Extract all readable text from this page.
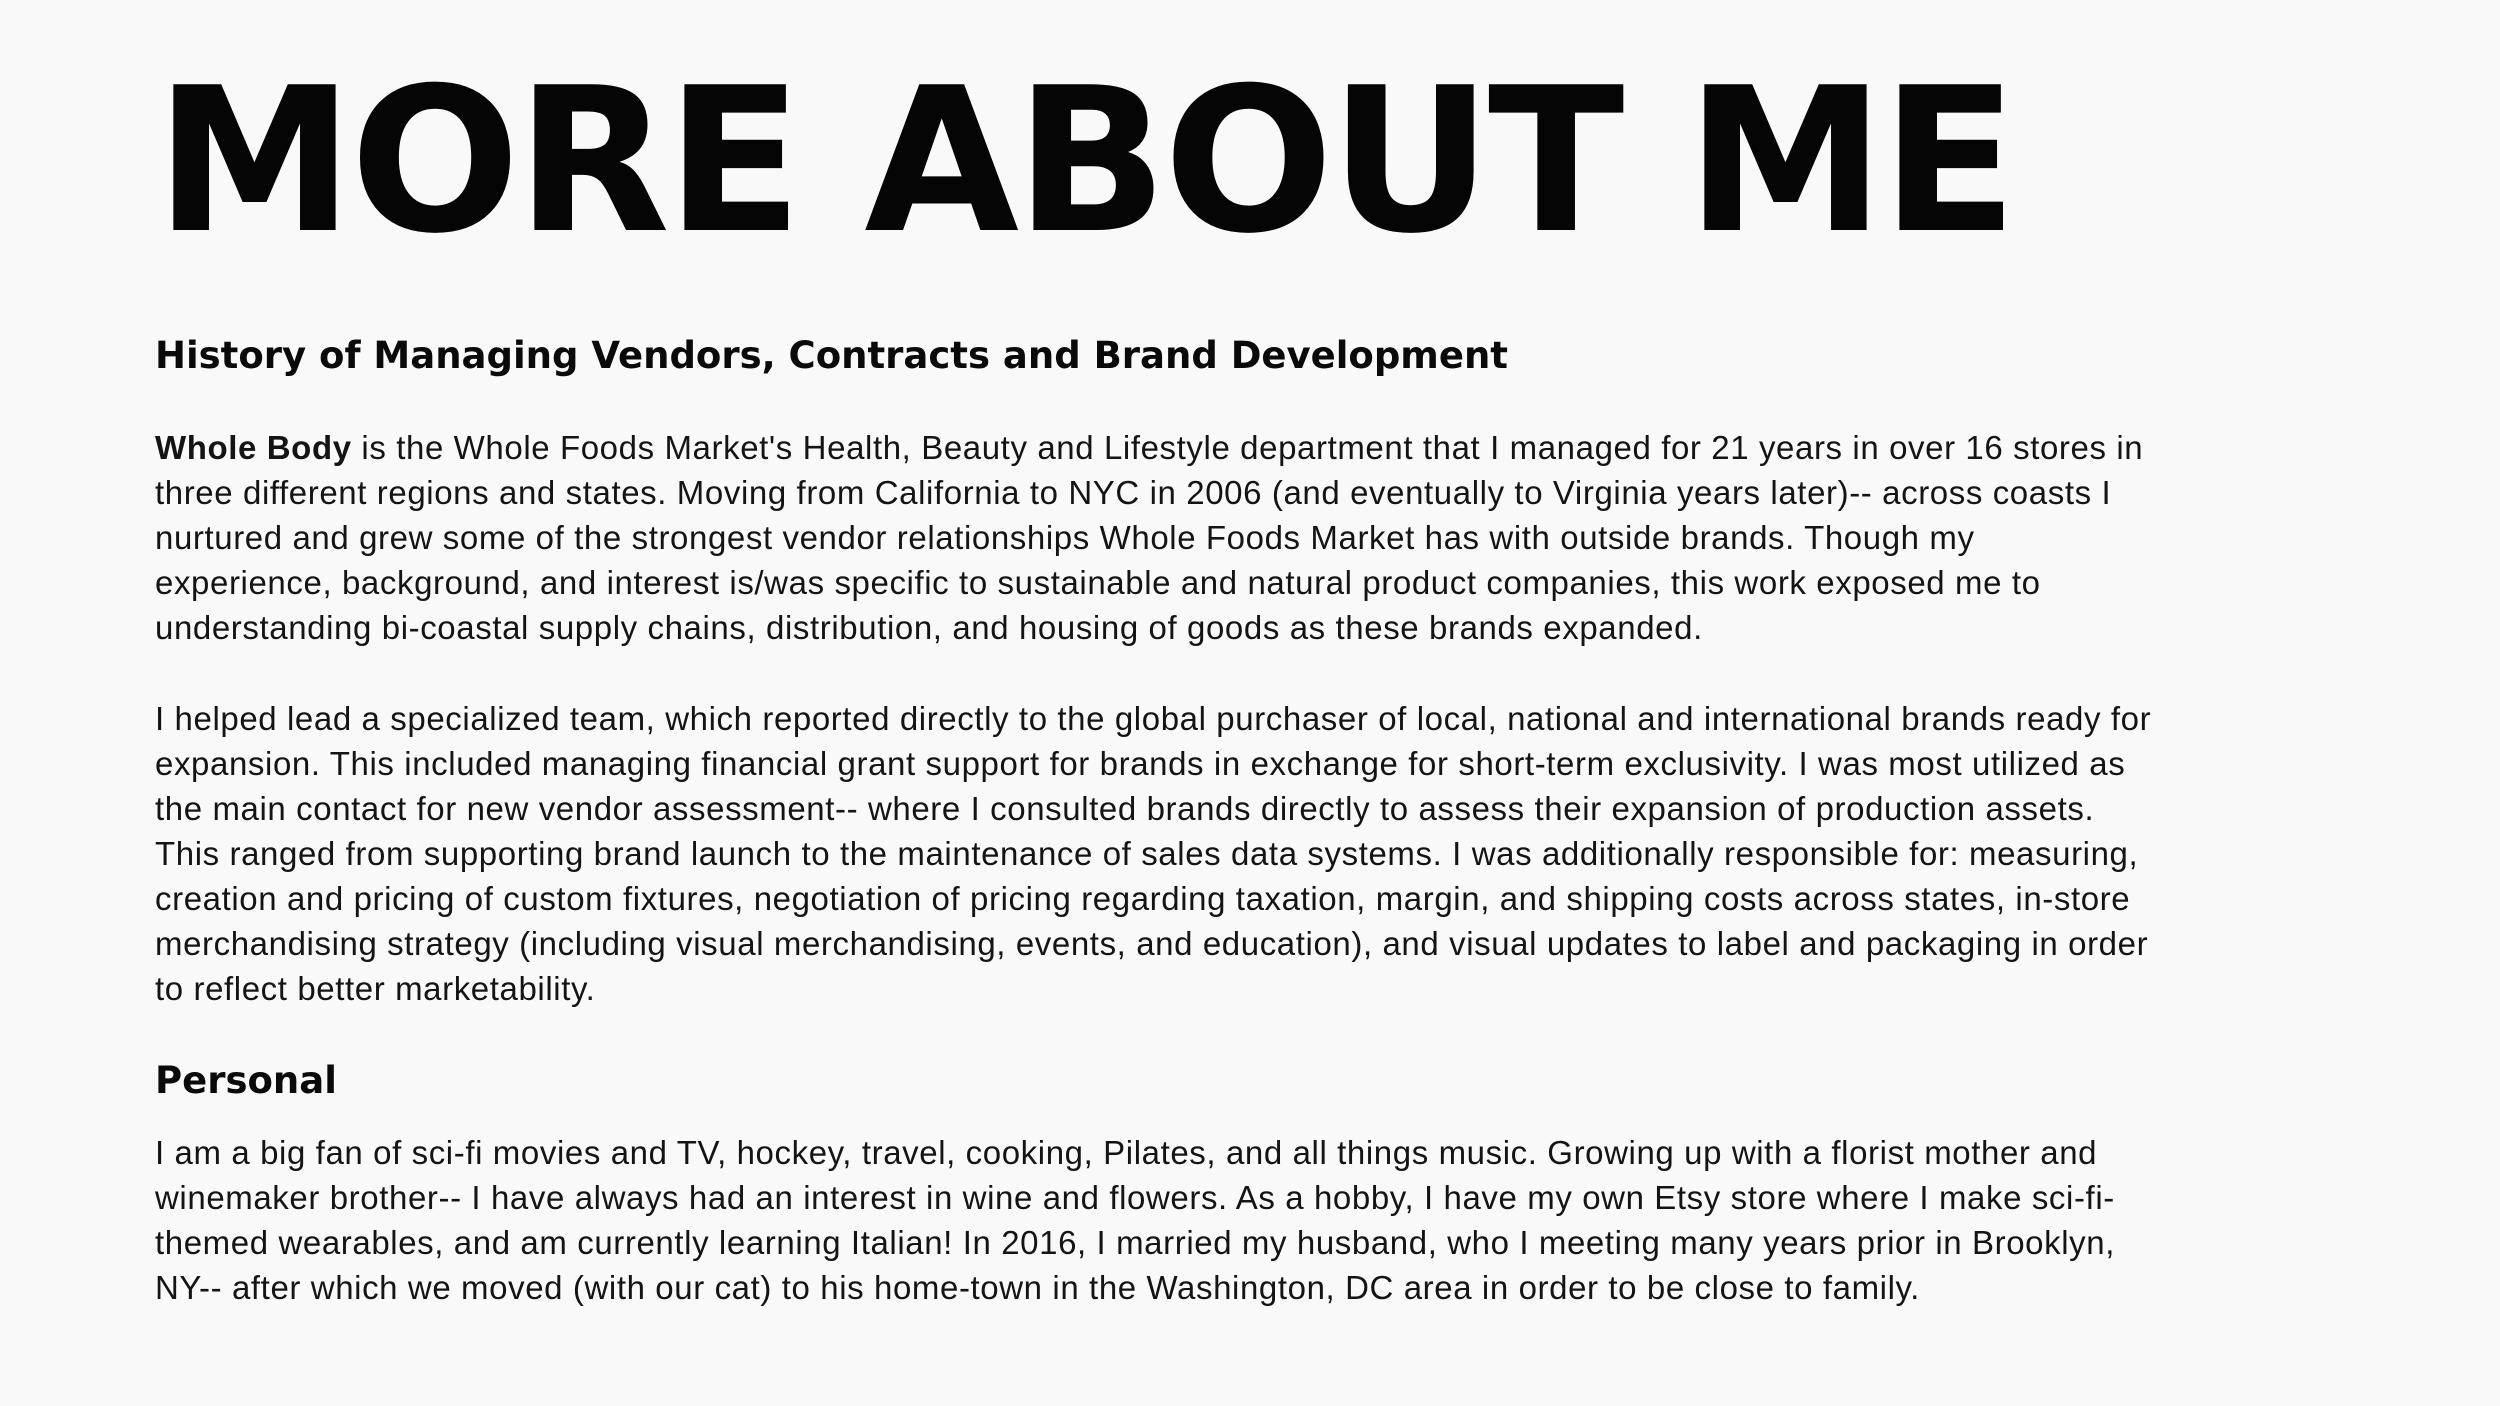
MORE ABOUT ME
History of Managing Vendors, Contracts and Brand Development

Whole Body is the Whole Foods Market's Health, Beauty and Lifestyle department that I managed for 21 years in over 16 stores in three different regions and states. Moving from California to NYC in 2006 (and eventually to Virginia years later)-- across coasts I nurtured and grew some of the strongest vendor relationships Whole Foods Market has with outside brands. Though my experience, background, and interest is/was specific to sustainable and natural product companies, this work exposed me to understanding bi-coastal supply chains, distribution, and housing of goods as these brands expanded.

I helped lead a specialized team, which reported directly to the global purchaser of local, national and international brands ready for expansion. This included managing financial grant support for brands in exchange for short-term exclusivity. I was most utilized as the main contact for new vendor assessment-- where I consulted brands directly to assess their expansion of production assets. This ranged from supporting brand launch to the maintenance of sales data systems. I was additionally responsible for: measuring, creation and pricing of custom fixtures, negotiation of pricing regarding taxation, margin, and shipping costs across states, in-store merchandising strategy (including visual merchandising, events, and education), and visual updates to label and packaging in order to reflect better marketability.

Personal

I am a big fan of sci-fi movies and TV, hockey, travel, cooking, Pilates, and all things music. Growing up with a florist mother and winemaker brother-- I have always had an interest in wine and flowers. As a hobby, I have my own Etsy store where I make sci-fi-themed wearables, and am currently learning Italian! In 2016, I married my husband, who I meeting many years prior in Brooklyn, NY-- after which we moved (with our cat) to his home-town in the Washington, DC area in order to be close to family.
